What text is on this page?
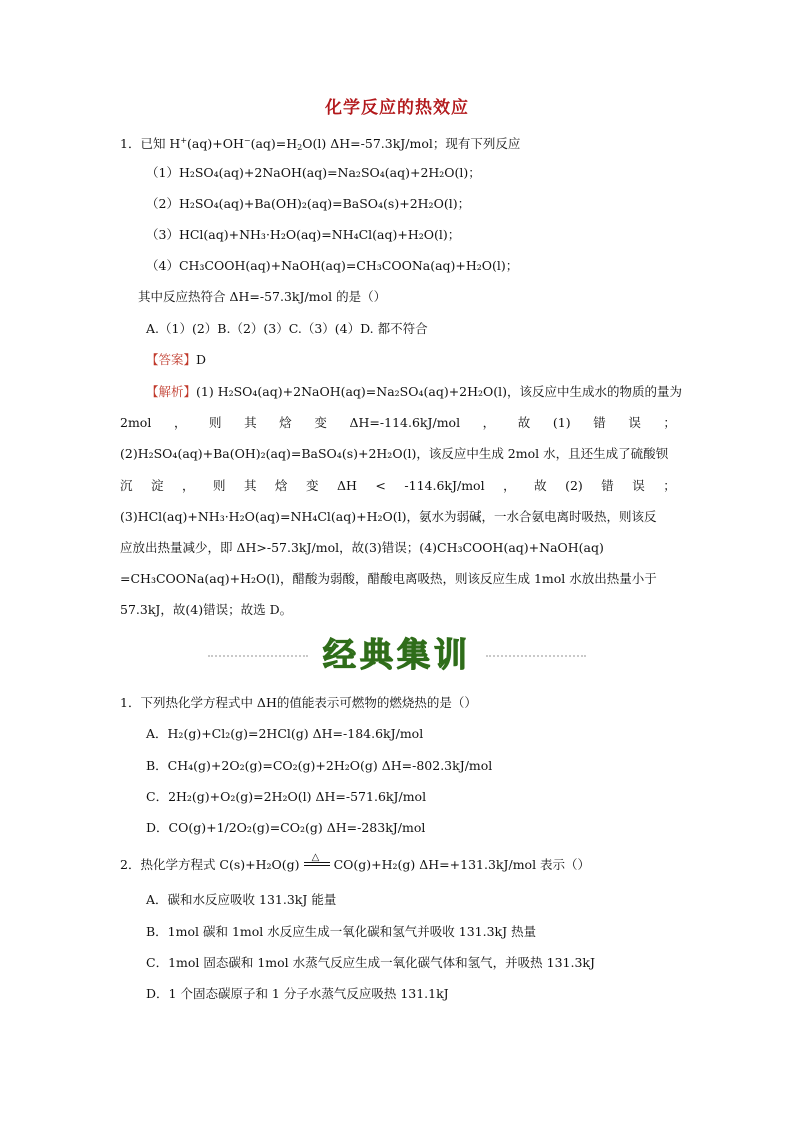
化学反应的热效应
1．已知 $H^+(aq)+OH^-(aq)=H_2O(l)$ ΔH=-57.3kJ/mol；现有下列反应
（1）H₂SO₄(aq)+2NaOH(aq)=Na₂SO₄(aq)+2H₂O(l)；
（2）H₂SO₄(aq)+Ba(OH)₂(aq)=BaSO₄(s)+2H₂O(l)；
（3）HCl(aq)+NH₃·H₂O(aq)=NH₄Cl(aq)+H₂O(l)；
（4）CH₃COOH(aq)+NaOH(aq)=CH₃COONa(aq)+H₂O(l)；
其中反应热符合 ΔH=-57.3kJ/mol 的是（）
A.（1）(2）B.（2）(3）C.（3）(4）D. 都不符合
【答案】D
【解析】(1) H₂SO₄(aq)+2NaOH(aq)=Na₂SO₄(aq)+2H₂O(l)，该反应中生成水的物质的量为
2mol ， 则 其 焓 变 ΔH=-114.6kJ/mol ， 故 (1) 错 误 ；
(2)H₂SO₄(aq)+Ba(OH)₂(aq)=BaSO₄(s)+2H₂O(l)，该反应中生成 2mol 水，且还生成了硫酸钡
沉 淀 ， 则 其 焓 变 ΔH < -114.6kJ/mol ， 故 (2) 错 误 ；
(3)HCl(aq)+NH₃·H₂O(aq)=NH₄Cl(aq)+H₂O(l)，氨水为弱碱，一水合氨电离时吸热，则该反
应放出热量减少，即 ΔH>-57.3kJ/mol，故(3)错误；(4)CH₃COOH(aq)+NaOH(aq)
=CH₃COONa(aq)+H₂O(l)，醋酸为弱酸，醋酸电离吸热，则该反应生成 1mol 水放出热量小于
57.3kJ，故(4)错误；故选 D。
经典集训
1．下列热化学方程式中 ΔH的值能表示可燃物的燃烧热的是（）
A．H₂(g)+Cl₂(g)=2HCl(g) ΔH=-184.6kJ/mol
B．CH₄(g)+2O₂(g)=CO₂(g)+2H₂O(g) ΔH=-802.3kJ/mol
C．2H₂(g)+O₂(g)=2H₂O(l) ΔH=-571.6kJ/mol
D．CO(g)+1/2O₂(g)=CO₂(g) ΔH=-283kJ/mol
2．热化学方程式 C(s)+H₂O(g) △ CO(g)+H₂(g) ΔH=+131.3kJ/mol 表示（）
A．碳和水反应吸收 131.3kJ 能量
B．1mol 碳和 1mol 水反应生成一氧化碳和氢气并吸收 131.3kJ 热量
C．1mol 固态碳和 1mol 水蒸气反应生成一氧化碳气体和氢气，并吸热 131.3kJ
D．1 个固态碳原子和 1 分子水蒸气反应吸热 131.1kJ
